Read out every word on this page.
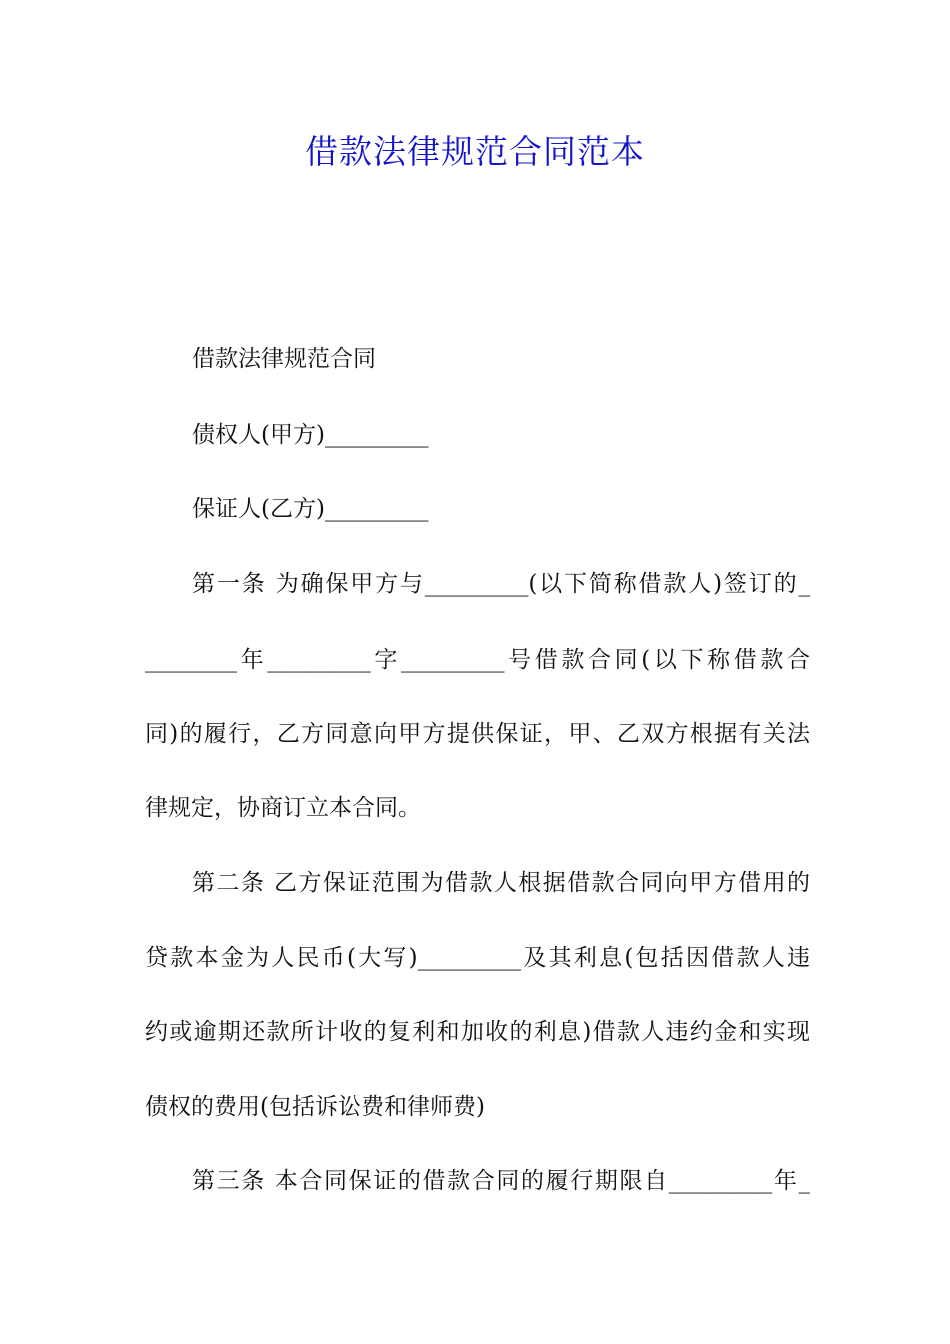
借款法律规范合同范本

借款法律规范合同

债权人(甲方)_________

保证人(乙方)_________

第一条 为确保甲方与_________(以下简称借款人)签订的_

________年_________字_________号借款合同(以下称借款合

同)的履行，乙方同意向甲方提供保证，甲、乙双方根据有关法

律规定，协商订立本合同。

第二条 乙方保证范围为借款人根据借款合同向甲方借用的

贷款本金为人民币(大写)_________及其利息(包括因借款人违

约或逾期还款所计收的复利和加收的利息)借款人违约金和实现

债权的费用(包括诉讼费和律师费)

第三条 本合同保证的借款合同的履行期限自_________年_
